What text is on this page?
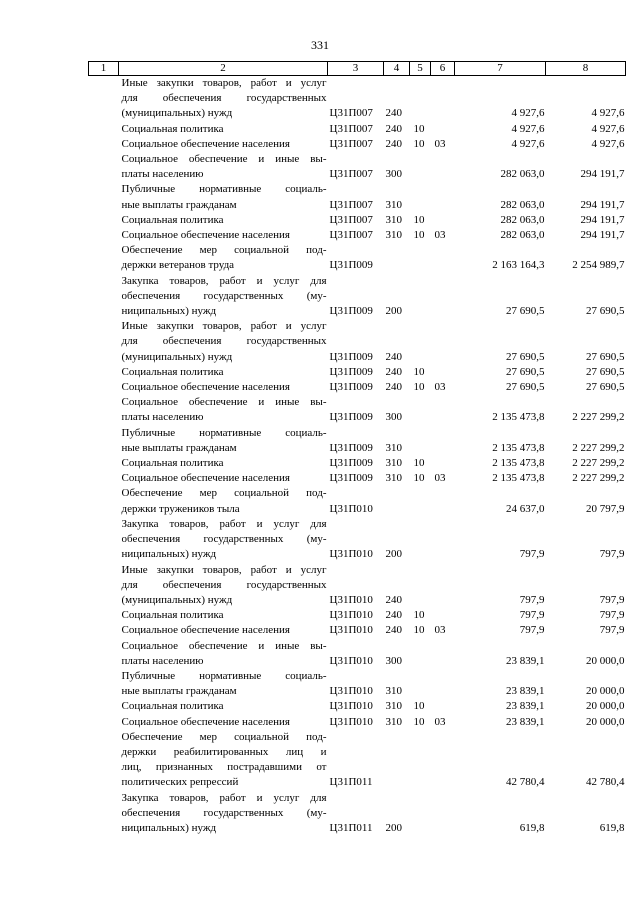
331
1	2	3	4	5	6	7	8

	Иные закупки товаров, работ и услуг
для обеспечения государственных
(муниципальных) нужд	Ц31П007	240			4 927,6	4 927,6

	Социальная политика	Ц31П007	240	10		4 927,6	4 927,6

	Социальное обеспечение населения	Ц31П007	240	10	03	4 927,6	4 927,6

	Социальное обеспечение и иные вы-
платы населению	Ц31П007	300			282 063,0	294 191,7

	Публичные нормативные социаль-
ные выплаты гражданам	Ц31П007	310			282 063,0	294 191,7

	Социальная политика	Ц31П007	310	10		282 063,0	294 191,7

	Социальное обеспечение населения	Ц31П007	310	10	03	282 063,0	294 191,7

	Обеспечение мер социальной под-
держки ветеранов труда	Ц31П009				2 163 164,3	2 254 989,7

	Закупка товаров, работ и услуг для
обеспечения государственных (му-
ниципальных) нужд	Ц31П009	200			27 690,5	27 690,5

	Иные закупки товаров, работ и услуг
для обеспечения государственных
(муниципальных) нужд	Ц31П009	240			27 690,5	27 690,5

	Социальная политика	Ц31П009	240	10		27 690,5	27 690,5

	Социальное обеспечение населения	Ц31П009	240	10	03	27 690,5	27 690,5

	Социальное обеспечение и иные вы-
платы населению	Ц31П009	300			2 135 473,8	2 227 299,2

	Публичные нормативные социаль-
ные выплаты гражданам	Ц31П009	310			2 135 473,8	2 227 299,2

	Социальная политика	Ц31П009	310	10		2 135 473,8	2 227 299,2

	Социальное обеспечение населения	Ц31П009	310	10	03	2 135 473,8	2 227 299,2

	Обеспечение мер социальной под-
держки тружеников тыла	Ц31П010				24 637,0	20 797,9

	Закупка товаров, работ и услуг для
обеспечения государственных (му-
ниципальных) нужд	Ц31П010	200			797,9	797,9

	Иные закупки товаров, работ и услуг
для обеспечения государственных
(муниципальных) нужд	Ц31П010	240			797,9	797,9

	Социальная политика	Ц31П010	240	10		797,9	797,9

	Социальное обеспечение населения	Ц31П010	240	10	03	797,9	797,9

	Социальное обеспечение и иные вы-
платы населению	Ц31П010	300			23 839,1	20 000,0

	Публичные нормативные социаль-
ные выплаты гражданам	Ц31П010	310			23 839,1	20 000,0

	Социальная политика	Ц31П010	310	10		23 839,1	20 000,0

	Социальное обеспечение населения	Ц31П010	310	10	03	23 839,1	20 000,0

	Обеспечение мер социальной под-
держки реабилитированных лиц и
лиц, признанных пострадавшими от
политических репрессий	Ц31П011				42 780,4	42 780,4

	Закупка товаров, работ и услуг для
обеспечения государственных (му-
ниципальных) нужд	Ц31П011	200			619,8	619,8
